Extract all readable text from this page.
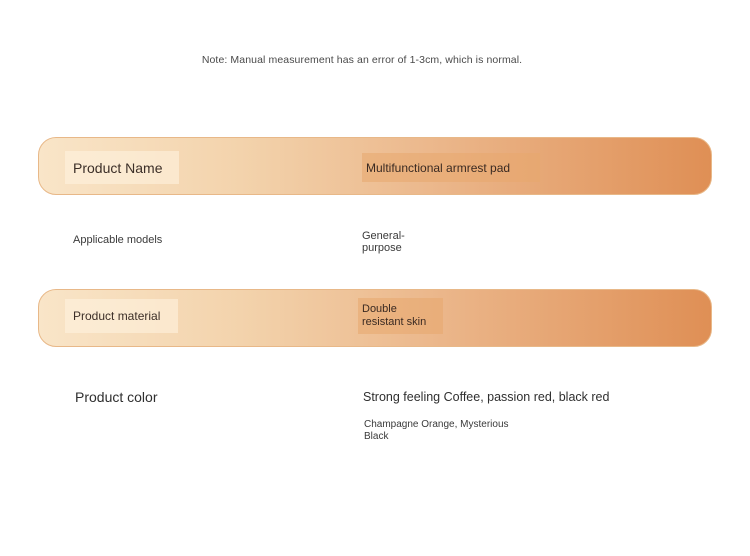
Note: Manual measurement has an error of 1-3cm, which is normal.
Product Name	Multifunctional armrest pad
Applicable models	General-
purpose
Product material	Double
resistant skin
Product color	Strong feeling Coffee, passion red, black red
Champagne Orange, Mysterious
Black
